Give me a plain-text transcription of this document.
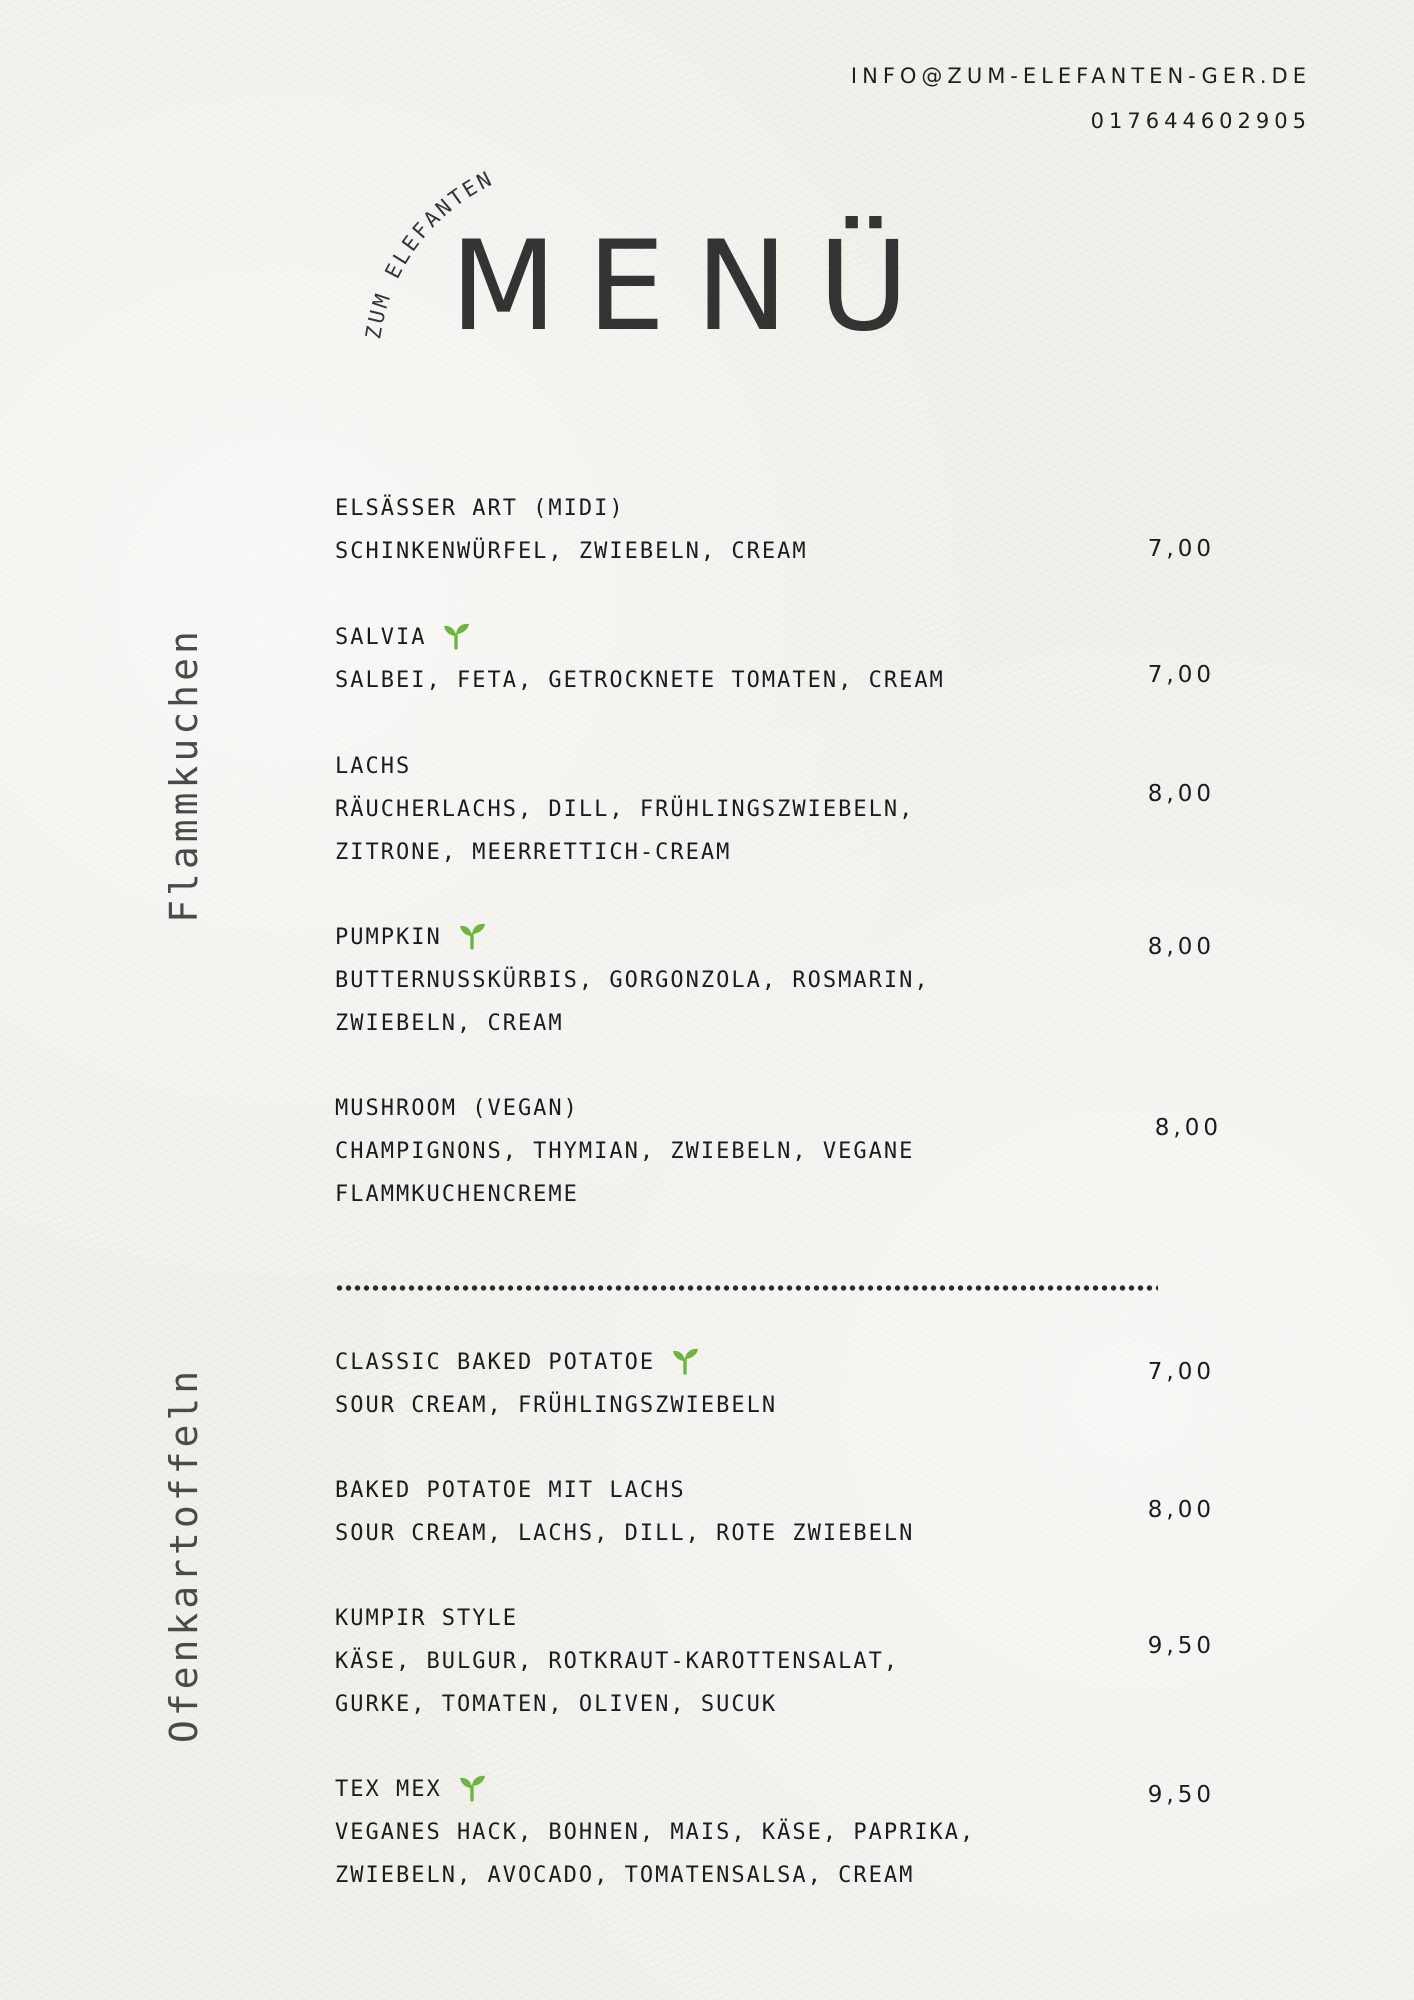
INFO@ZUM-ELEFANTEN-GER.DE
017644602905
ZUM ELEFANTEN
MENÜ
Flammkuchen
Ofenkartoffeln
ELSÄSSER ART (MIDI)
SCHINKENWÜRFEL, ZWIEBELN, CREAM	7,00
SALVIA
SALBEI, FETA, GETROCKNETE TOMATEN, CREAM	7,00
LACHS
RÄUCHERLACHS, DILL, FRÜHLINGSZWIEBELN,
ZITRONE, MEERRETTICH-CREAM
8,00
PUMPKIN
BUTTERNUSSKÜRBIS, GORGONZOLA, ROSMARIN,
ZWIEBELN, CREAM
8,00
MUSHROOM (VEGAN)
CHAMPIGNONS, THYMIAN, ZWIEBELN, VEGANE
FLAMMKUCHENCREME
8,00
CLASSIC BAKED POTATOE
SOUR CREAM, FRÜHLINGSZWIEBELN
7,00
BAKED POTATOE MIT LACHS
SOUR CREAM, LACHS, DILL, ROTE ZWIEBELN
8,00
KUMPIR STYLE
KÄSE, BULGUR, ROTKRAUT-KAROTTENSALAT,
GURKE, TOMATEN, OLIVEN, SUCUK
9,50
TEX MEX
VEGANES HACK, BOHNEN, MAIS, KÄSE, PAPRIKA,
ZWIEBELN, AVOCADO, TOMATENSALSA, CREAM
9,50
